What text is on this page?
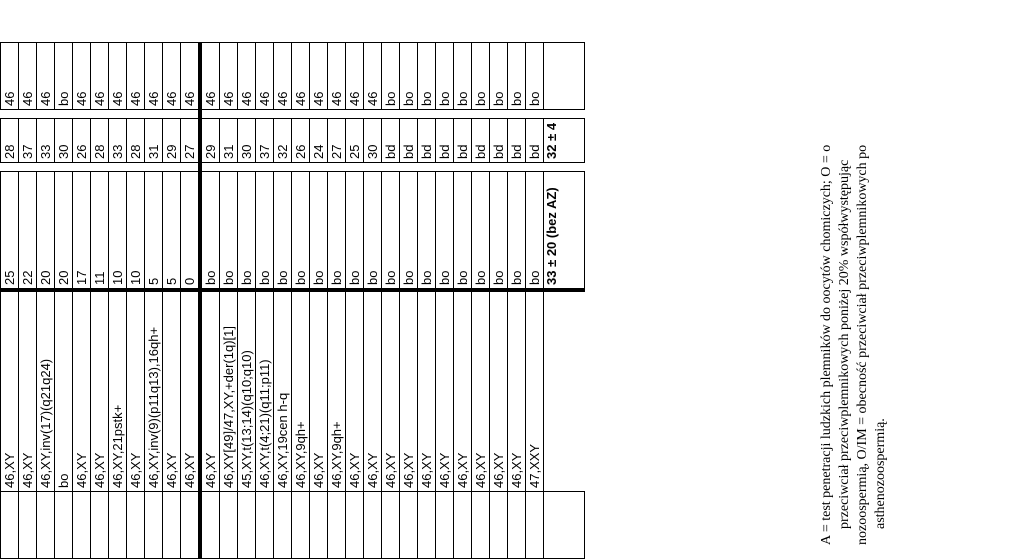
	46,XY	25		28		46
	46,XY	22		37		46
	46,XY,inv(17)(q21q24)	20		33		46
	bo	20		30		bo
	46,XY	17		26		46
	46,XY	11		28		46
	46,XY,21pstk+	10		33		46
	46,XY	10		28		46
	46,XY,inv(9)(p11q13),16qh+	5		31		46
	46,XY	5		29		46
	46,XY	0		27		46
	46,XY	bo		29		46
	46,XY[49]/47,XY,+der(1q)[1]	bo		31		46
	45,XY,t(13;14)(q10;q10)	bo		30		46
	46,XY,t(4;21)(q11;p11)	bo		37		46
	46,XY,19cen h-q	bo		32		46
	46,XY,9qh+	bo		26		46
	46,XY	bo		24		46
	46,XY,9qh+	bo		27		46
	46,XY	bo		25		46
	46,XY	bo		30		46
	46,XY	bo		bd		bo
	46,XY	bo		bd		bo
	46,XY	bo		bd		bo
	46,XY	bo		bd		bo
	46,XY	bo		bd		bo
	46,XY	bo		bd		bo
	46,XY	bo		bd		bo
	46,XY	bo		bd		bo
	47,XXY	bo		bd		bo
		33 ± 20 (bez AZ)		32 ± 4		
A = test penetracji ludzkich plemników do oocytów chomiczych; O = o przeciwciał przeciwplemnikowych poniżej 20% współwystępując nozoospermią, O/IM = obecność przeciwciał przeciwplemnikowych po asthenozoospermią.
